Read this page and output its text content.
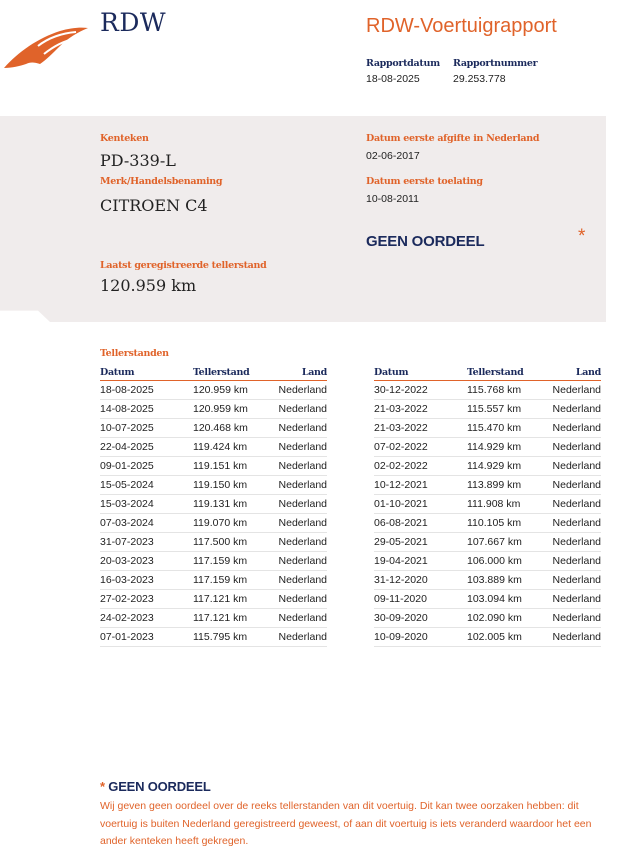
RDW	RDW-Voertuigrapport
Rapportdatum Rapportnummer
18-08-2025	29.253.778
Kenteken
PD-339-L
Merk/Handelsbenaming
CITROEN C4
Laatst geregistreerde tellerstand
120.959 km
Datum eerste afgifte in Nederland
02-06-2017
Datum eerste toelating
10-08-2011
GEEN OORDEEL	*
Tellerstanden
Datum	Tellerstand	Land
18-08-2025	120.959 km	Nederland
14-08-2025	120.959 km	Nederland
10-07-2025	120.468 km	Nederland
22-04-2025	119.424 km	Nederland
09-01-2025	119.151 km	Nederland
15-05-2024	119.150 km	Nederland
15-03-2024	119.131 km	Nederland
07-03-2024	119.070 km	Nederland
31-07-2023	117.500 km	Nederland
20-03-2023	117.159 km	Nederland
16-03-2023	117.159 km	Nederland
27-02-2023	117.121 km	Nederland
24-02-2023	117.121 km	Nederland
07-01-2023	115.795 km	Nederland
Datum	Tellerstand	Land
30-12-2022	115.768 km	Nederland
21-03-2022	115.557 km	Nederland
21-03-2022	115.470 km	Nederland
07-02-2022	114.929 km	Nederland
02-02-2022	114.929 km	Nederland
10-12-2021	113.899 km	Nederland
01-10-2021	111.908 km	Nederland
06-08-2021	110.105 km	Nederland
29-05-2021	107.667 km	Nederland
19-04-2021	106.000 km	Nederland
31-12-2020	103.889 km	Nederland
09-11-2020	103.094 km	Nederland
30-09-2020	102.090 km	Nederland
10-09-2020	102.005 km	Nederland
* GEEN OORDEEL
Wij geven geen oordeel over de reeks tellerstanden van dit voertuig. Dit kan twee oorzaken hebben: dit voertuig is buiten Nederland geregistreerd geweest, of aan dit voertuig is iets veranderd waardoor het een ander kenteken heeft gekregen.
